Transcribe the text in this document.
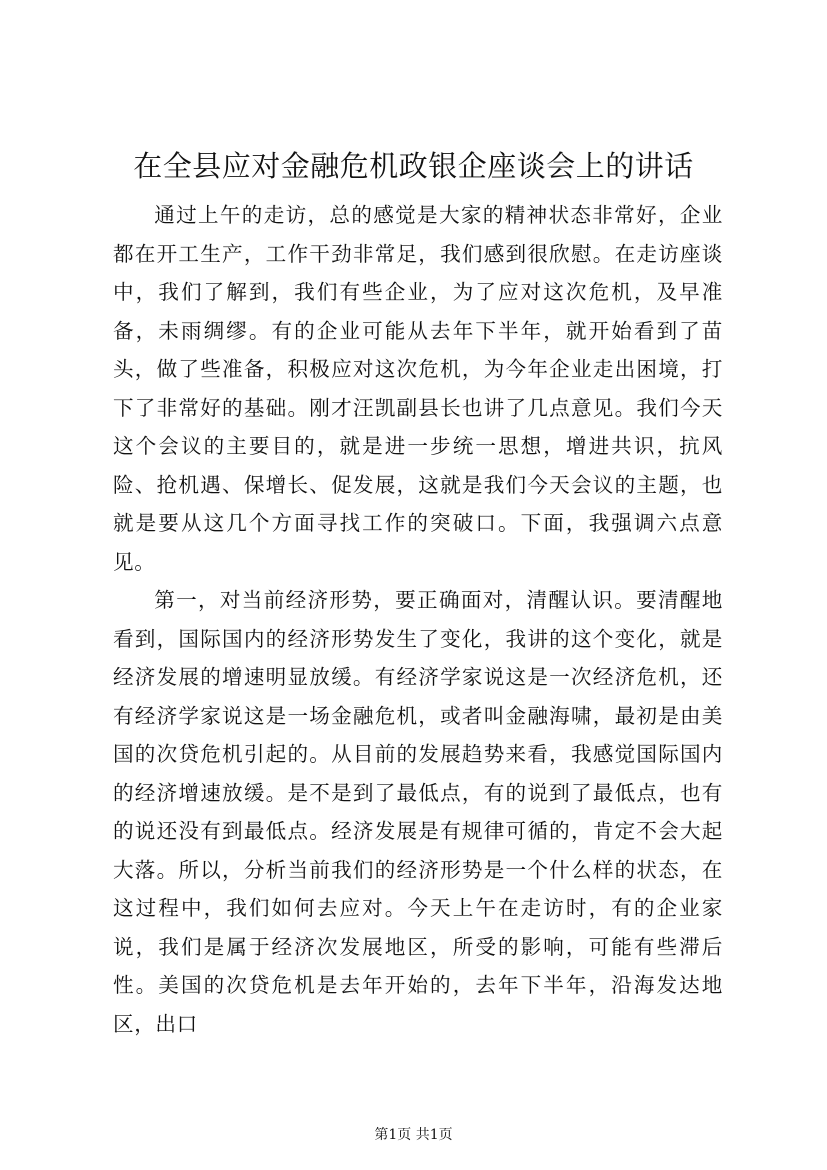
在全县应对金融危机政银企座谈会上的讲话

通过上午的走访，总的感觉是大家的精神状态非常好，企业都在开工生产，工作干劲非常足，我们感到很欣慰。在走访座谈中，我们了解到，我们有些企业，为了应对这次危机，及早准备，未雨绸缪。有的企业可能从去年下半年，就开始看到了苗头，做了些准备，积极应对这次危机，为今年企业走出困境，打下了非常好的基础。刚才汪凯副县长也讲了几点意见。我们今天这个会议的主要目的，就是进一步统一思想，增进共识，抗风险、抢机遇、保增长、促发展，这就是我们今天会议的主题，也就是要从这几个方面寻找工作的突破口。下面，我强调六点意见。

第一，对当前经济形势，要正确面对，清醒认识。要清醒地看到，国际国内的经济形势发生了变化，我讲的这个变化，就是经济发展的增速明显放缓。有经济学家说这是一次经济危机，还有经济学家说这是一场金融危机，或者叫金融海啸，最初是由美国的次贷危机引起的。从目前的发展趋势来看，我感觉国际国内的经济增速放缓。是不是到了最低点，有的说到了最低点，也有的说还没有到最低点。经济发展是有规律可循的，肯定不会大起大落。所以，分析当前我们的经济形势是一个什么样的状态，在这过程中，我们如何去应对。今天上午在走访时，有的企业家说，我们是属于经济次发展地区，所受的影响，可能有些滞后性。美国的次贷危机是去年开始的，去年下半年，沿海发达地区，出口

第1页 共1页
